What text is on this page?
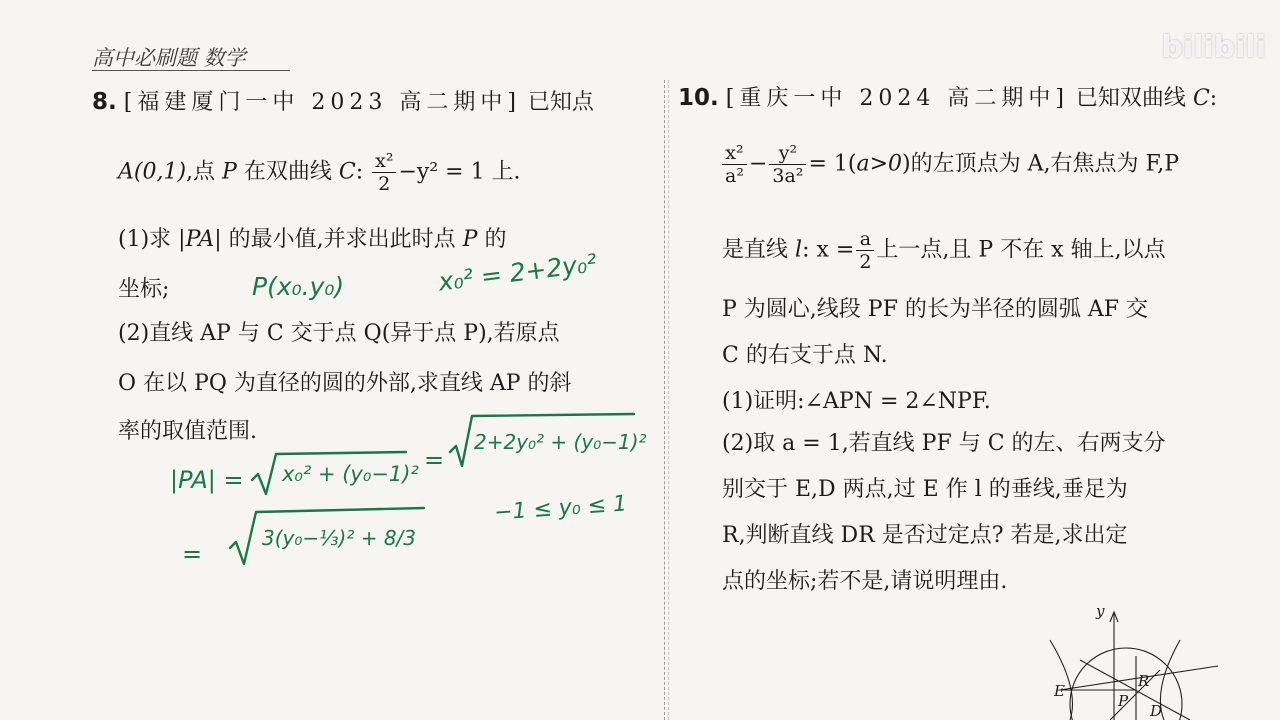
高中必刷题 数学	bilibili
8. [福建厦门一中 2023 高二期中] 已知点
A(0,1),点 P 在双曲线 C: $\frac{\text{x²}}{2} -y^2 = 1$ 上.
(1)求 |PA| 的最小值,并求出此时点 P 的
坐标;
(2)直线 AP 与 C 交于点 Q(异于点 P),若原点
O 在以 PQ 为直径的圆的外部,求直线 AP 的斜
率的取值范围.
P(x₀.y₀)	x₀² = 2+2y₀²
|PA| = x₀² + (y₀−1)² =
2+2y₀² + (y₀−1)²
=
3(y₀−⅓)² + 8/3
−1 ≤ y₀ ≤ 1
10. [重庆一中 2024 高二期中] 已知双曲线 C:
$\frac{\text{x²}}{\text{a²}} - \frac{\text{y²}}{\text{3a²}} = 1(a>0)$的左顶点为 A,右焦点为 F,P
是直线 l: $x = \frac{a}{2}$ 上一点,且 P 不在 x 轴上,以点
P 为圆心,线段 PF 的长为半径的圆弧 AF 交
C 的右支于点 N.
(1)证明:∠APN = 2∠NPF.
(2)取 a = 1,若直线 PF 与 C 的左、右两支分
别交于 E,D 两点,过 E 作 l 的垂线,垂足为
R,判断直线 DR 是否过定点? 若是,求出定
点的坐标;若不是,请说明理由.
y
E
R
P
D
